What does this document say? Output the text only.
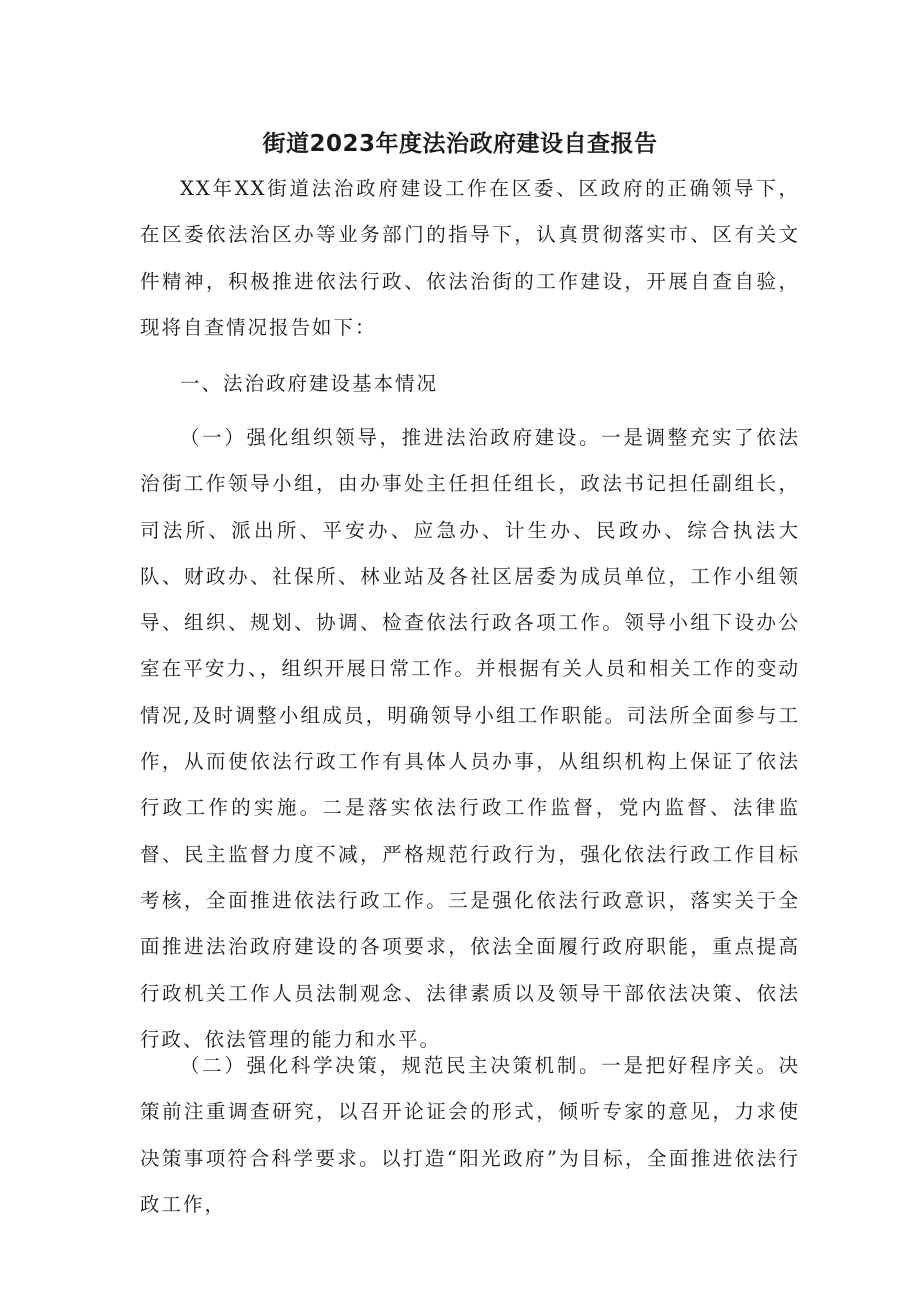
街道2023年度法治政府建设自查报告

XX年XX街道法治政府建设工作在区委、区政府的正确领导下，在区委依法治区办等业务部门的指导下，认真贯彻落实市、区有关文件精神，积极推进依法行政、依法治街的工作建设，开展自查自验，现将自查情况报告如下：

一、法治政府建设基本情况

（一）强化组织领导，推进法治政府建设。一是调整充实了依法治街工作领导小组，由办事处主任担任组长，政法书记担任副组长，司法所、派出所、平安办、应急办、计生办、民政办、综合执法大队、财政办、社保所、林业站及各社区居委为成员单位，工作小组领导、组织、规划、协调、检查依法行政各项工作。领导小组下设办公室在平安力、，组织开展日常工作。并根据有关人员和相关工作的变动情况,及时调整小组成员，明确领导小组工作职能。司法所全面参与工作，从而使依法行政工作有具体人员办事，从组织机构上保证了依法行政工作的实施。二是落实依法行政工作监督，党内监督、法律监督、民主监督力度不减，严格规范行政行为，强化依法行政工作目标考核，全面推进依法行政工作。三是强化依法行政意识，落实关于全面推进法治政府建设的各项要求，依法全面履行政府职能，重点提高行政机关工作人员法制观念、法律素质以及领导干部依法决策、依法行政、依法管理的能力和水平。

（二）强化科学决策，规范民主决策机制。一是把好程序关。决策前注重调查研究，以召开论证会的形式，倾听专家的意见，力求使决策事项符合科学要求。以打造“阳光政府”为目标，全面推进依法行政工作，
